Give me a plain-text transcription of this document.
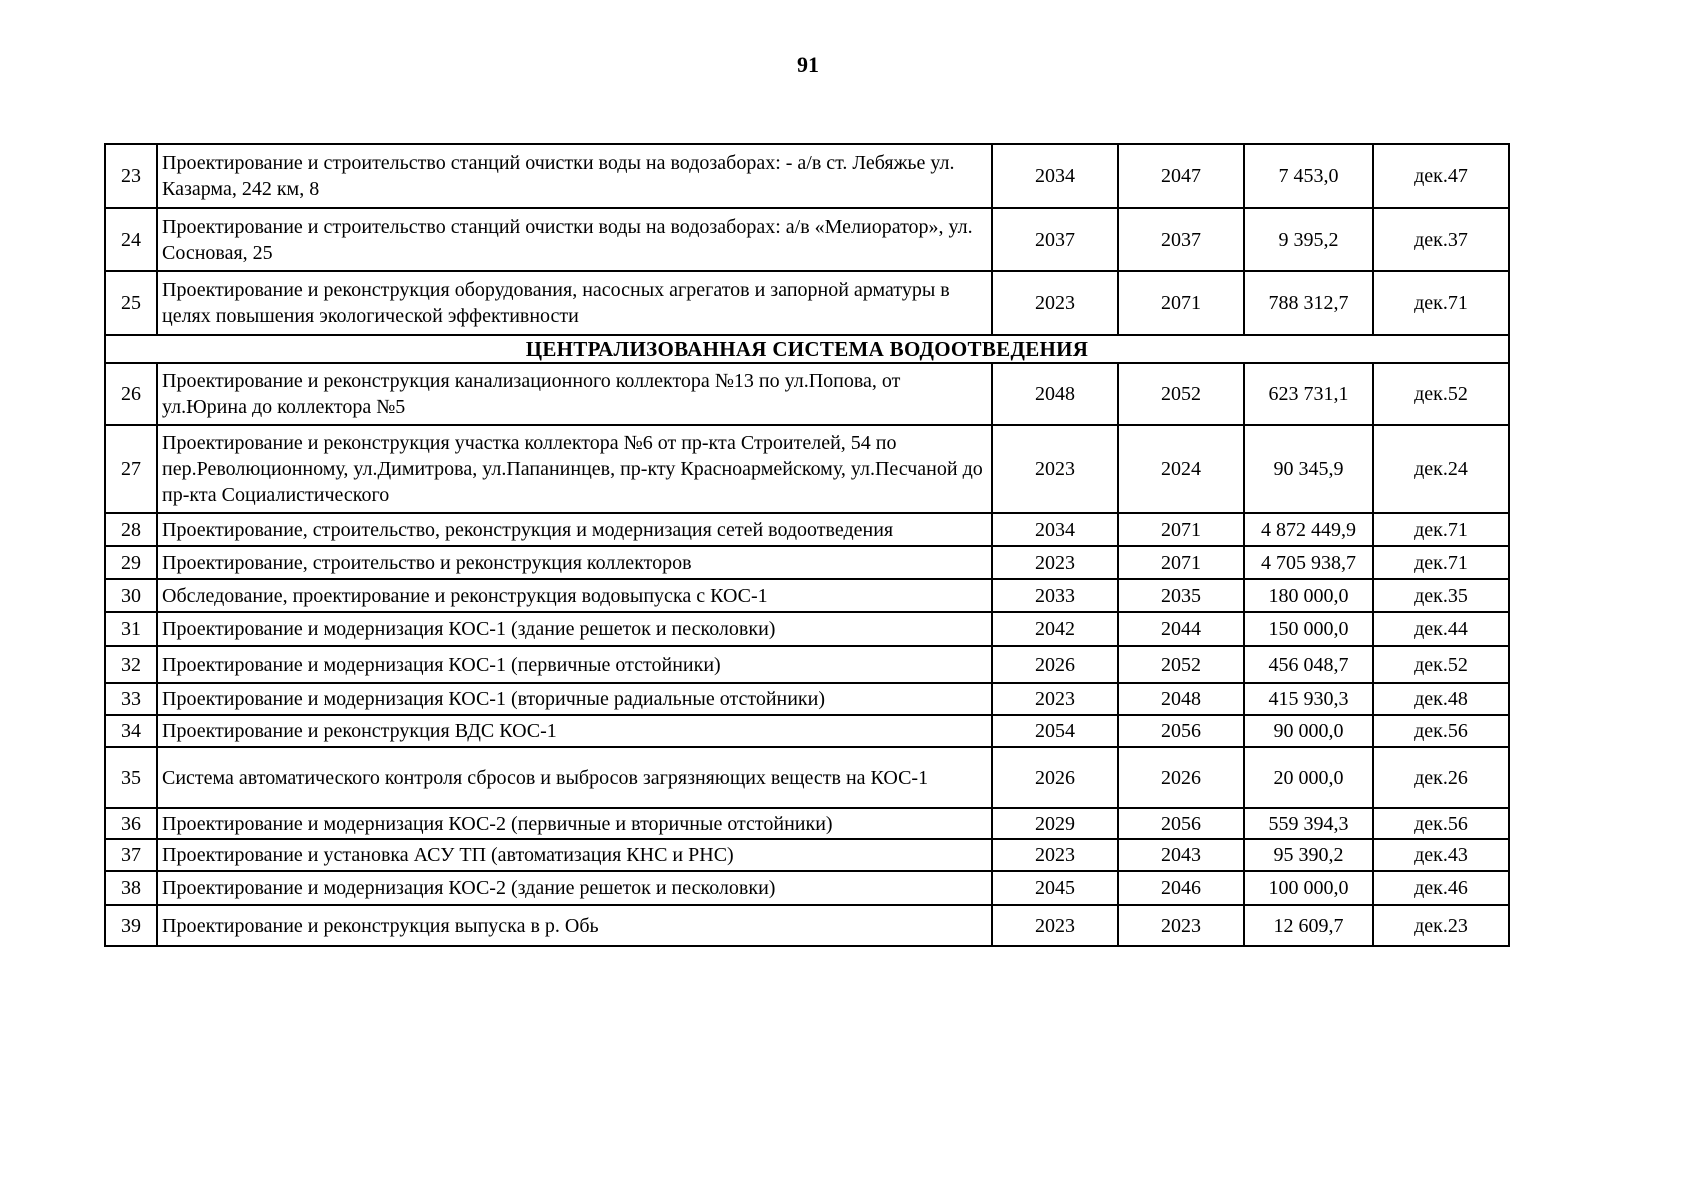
91
23	Проектирование и строительство станций очистки воды на водозаборах: - а/в ст. Лебяжье ул. Казарма, 242 км, 8	2034	2047	7 453,0	дек.47
24	Проектирование и строительство станций очистки воды на водозаборах: а/в «Мелиоратор», ул. Сосновая, 25	2037	2037	9 395,2	дек.37
25	Проектирование и реконструкция оборудования, насосных агрегатов и запорной арматуры в целях повышения экологической эффективности	2023	2071	788 312,7	дек.71
ЦЕНТРАЛИЗОВАННАЯ СИСТЕМА ВОДООТВЕДЕНИЯ					
26	Проектирование и реконструкция канализационного коллектора №13 по ул.Попова, от ул.Юрина до коллектора №5	2048	2052	623 731,1	дек.52
27	Проектирование и реконструкция участка коллектора №6 от пр-кта Строителей, 54 по пер.Революционному, ул.Димитрова, ул.Папанинцев, пр-кту Красноармейскому, ул.Песчаной до пр-кта Социалистического	2023	2024	90 345,9	дек.24
28	Проектирование, строительство, реконструкция и модернизация сетей водоотведения	2034	2071	4 872 449,9	дек.71
29	Проектирование, строительство и реконструкция коллекторов	2023	2071	4 705 938,7	дек.71
30	Обследование, проектирование и реконструкция водовыпуска с КОС-1	2033	2035	180 000,0	дек.35
31	Проектирование и модернизация КОС-1 (здание решеток и песколовки)	2042	2044	150 000,0	дек.44
32	Проектирование и модернизация КОС-1 (первичные отстойники)	2026	2052	456 048,7	дек.52
33	Проектирование и модернизация КОС-1 (вторичные радиальные отстойники)	2023	2048	415 930,3	дек.48
34	Проектирование и реконструкция ВДС КОС-1	2054	2056	90 000,0	дек.56
35	Система автоматического контроля сбросов и выбросов загрязняющих веществ на КОС-1	2026	2026	20 000,0	дек.26
36	Проектирование и модернизация КОС-2 (первичные и вторичные отстойники)	2029	2056	559 394,3	дек.56
37	Проектирование и установка АСУ ТП (автоматизация КНС и РНС)	2023	2043	95 390,2	дек.43
38	Проектирование и модернизация КОС-2 (здание решеток и песколовки)	2045	2046	100 000,0	дек.46
39	Проектирование и реконструкция выпуска в р. Обь	2023	2023	12 609,7	дек.23
